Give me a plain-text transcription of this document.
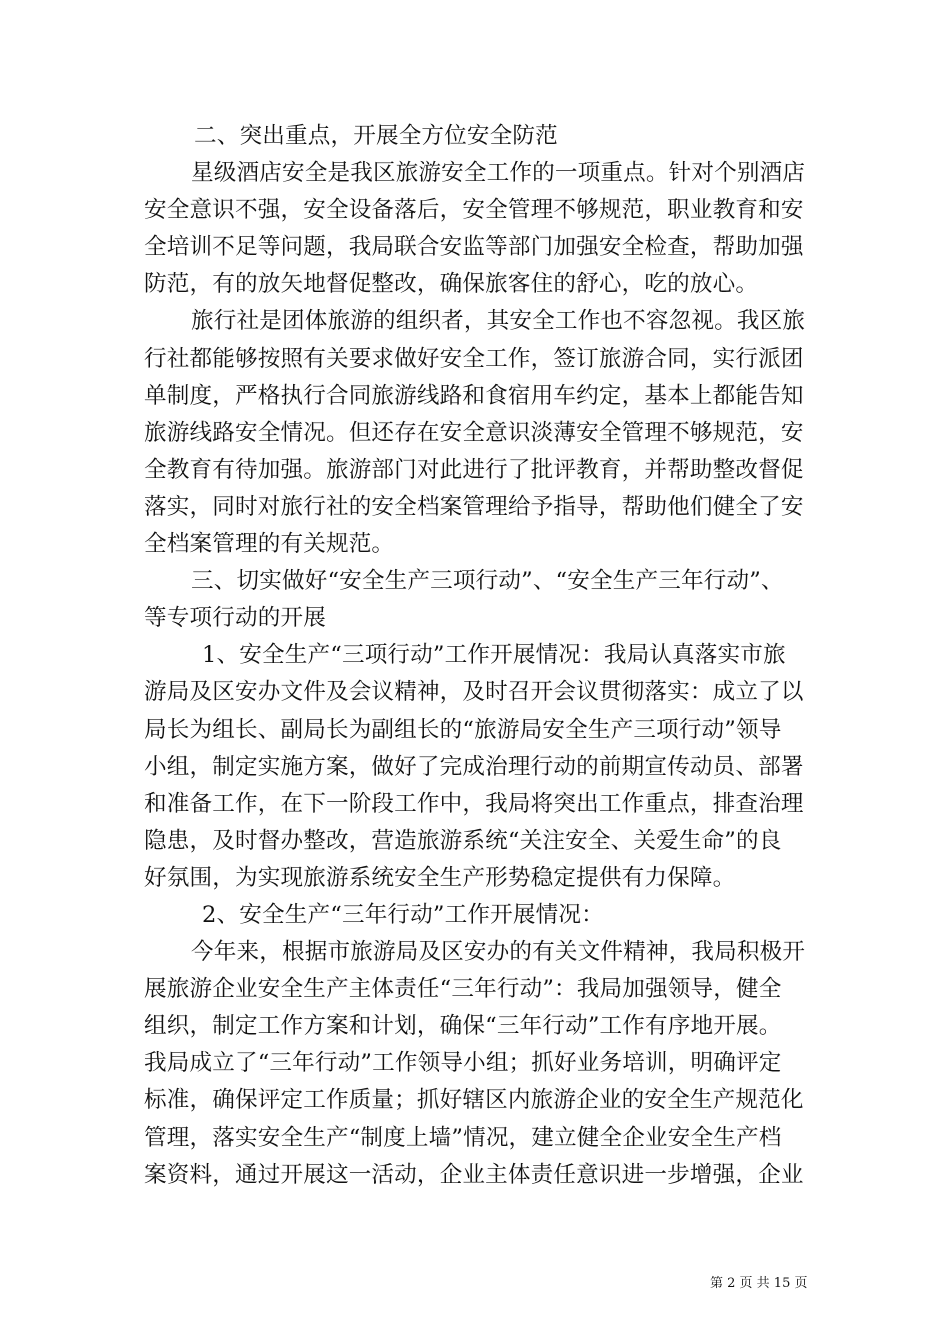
二、突出重点，开展全方位安全防范
星级酒店安全是我区旅游安全工作的一项重点。针对个别酒店
安全意识不强，安全设备落后，安全管理不够规范，职业教育和安
全培训不足等问题，我局联合安监等部门加强安全检查，帮助加强
防范，有的放矢地督促整改，确保旅客住的舒心，吃的放心。
旅行社是团体旅游的组织者，其安全工作也不容忽视。我区旅
行社都能够按照有关要求做好安全工作，签订旅游合同，实行派团
单制度，严格执行合同旅游线路和食宿用车约定，基本上都能告知
旅游线路安全情况。但还存在安全意识淡薄安全管理不够规范，安
全教育有待加强。旅游部门对此进行了批评教育，并帮助整改督促
落实，同时对旅行社的安全档案管理给予指导，帮助他们健全了安
全档案管理的有关规范。
三、切实做好“安全生产三项行动”、“安全生产三年行动”、
等专项行动的开展
1、安全生产“三项行动”工作开展情况：我局认真落实市旅
游局及区安办文件及会议精神，及时召开会议贯彻落实：成立了以
局长为组长、副局长为副组长的“旅游局安全生产三项行动”领导
小组，制定实施方案，做好了完成治理行动的前期宣传动员、部署
和准备工作，在下一阶段工作中，我局将突出工作重点，排查治理
隐患，及时督办整改，营造旅游系统“关注安全、关爱生命”的良
好氛围，为实现旅游系统安全生产形势稳定提供有力保障。
2、安全生产“三年行动”工作开展情况：
今年来，根据市旅游局及区安办的有关文件精神，我局积极开
展旅游企业安全生产主体责任“三年行动”：我局加强领导，健全
组织，制定工作方案和计划，确保“三年行动”工作有序地开展。
我局成立了“三年行动”工作领导小组；抓好业务培训，明确评定
标准，确保评定工作质量；抓好辖区内旅游企业的安全生产规范化
管理，落实安全生产“制度上墙”情况，建立健全企业安全生产档
案资料，通过开展这一活动，企业主体责任意识进一步增强，企业
第 2 页 共 15 页
